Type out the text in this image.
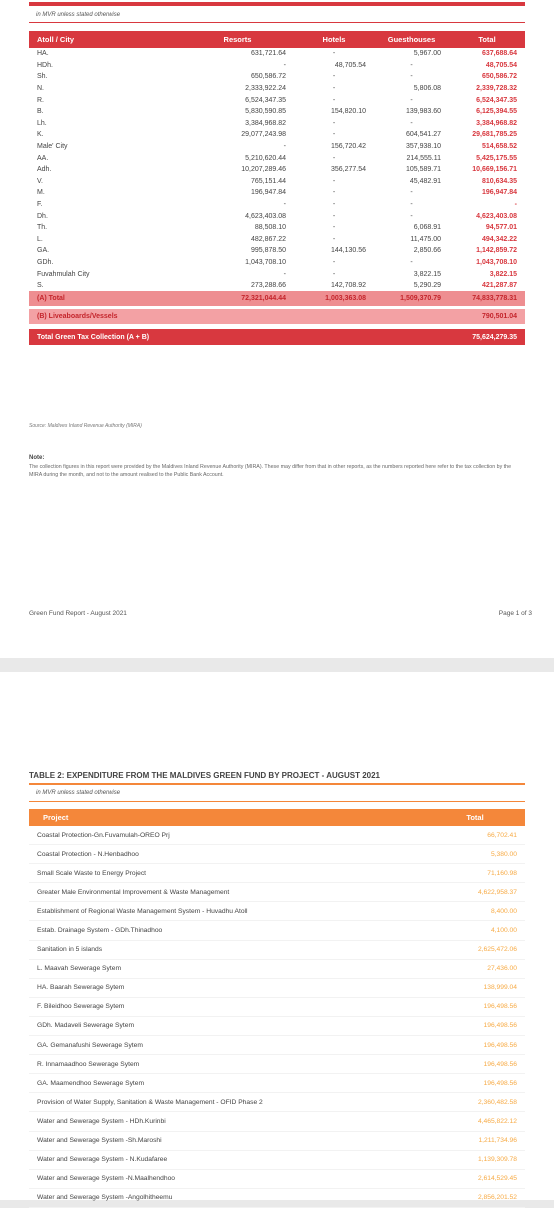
in MVR unless stated otherwise
Atoll / City	Resorts	Hotels	Guesthouses	Total
HA.	631,721.64	-	5,967.00	637,688.64
HDh.	-	48,705.54	-	48,705.54
Sh.	650,586.72	-	-	650,586.72
N.	2,333,922.24	-	5,806.08	2,339,728.32
R.	6,524,347.35	-	-	6,524,347.35
B.	5,830,590.85	154,820.10	139,983.60	6,125,394.55
Lh.	3,384,968.82	-	-	3,384,968.82
K.	29,077,243.98	-	604,541.27	29,681,785.25
Male' City	-	156,720.42	357,938.10	514,658.52
AA.	5,210,620.44	-	214,555.11	5,425,175.55
Adh.	10,207,289.46	356,277.54	105,589.71	10,669,156.71
V.	765,151.44	-	45,482.91	810,634.35
M.	196,947.84	-	-	196,947.84
F.	-	-	-	-
Dh.	4,623,403.08	-	-	4,623,403.08
Th.	88,508.10	-	6,068.91	94,577.01
L.	482,867.22	-	11,475.00	494,342.22
GA.	995,878.50	144,130.56	2,850.66	1,142,859.72
GDh.	1,043,708.10	-	-	1,043,708.10
Fuvahmulah City	-	-	3,822.15	3,822.15
S.	273,288.66	142,708.92	5,290.29	421,287.87
(A) Total	72,321,044.44	1,003,363.08	1,509,370.79	74,833,778.31
(B) Liveaboards/Vessels				790,501.04
Total Green Tax Collection (A + B)				75,624,279.35
Source: Maldives Inland Revenue Authority (MIRA)
Note:
The collection figures in this report were provided by the Maldives Inland Revenue Authority (MIRA). These may differ from that in other reports, as the numbers reported here refer to the tax collection by the MIRA during the month, and not to the amount realised to the Public Bank Account.
Green Fund Report - August 2021	Page 1 of 3
TABLE 2: EXPENDITURE FROM THE MALDIVES GREEN FUND BY PROJECT - AUGUST 2021
in MVR unless stated otherwise
Project	Total
Coastal Protection-Gn.Fuvamulah-OREO Prj	66,702.41
Coastal Protection - N.Henbadhoo	5,380.00
Small Scale Waste to Energy Project	71,160.98
Greater Male Environmental Improvement & Waste Management	4,622,958.37
Establishment of Regional Waste Management System - Huvadhu Atoll	8,400.00
Estab. Drainage System - GDh.Thinadhoo	4,100.00
Sanitation in 5 islands	2,625,472.06
L. Maavah Sewerage Sytem	27,436.00
HA. Baarah Sewerage Sytem	138,999.04
F. Bileidhoo Sewerage Sytem	196,498.56
GDh. Madaveli Sewerage Sytem	196,498.56
GA. Gemanafushi Sewerage Sytem	196,498.56
R. Innamaadhoo Sewerage Sytem	196,498.56
GA. Maamendhoo Sewerage Sytem	196,498.56
Provision of Water Supply, Sanitation & Waste Management - OFID Phase 2	2,360,482.58
Water and Sewerage System - HDh.Kurinbi	4,465,822.12
Water and Sewerage System -Sh.Maroshi	1,211,734.96
Water and Sewerage System - N.Kudafaree	1,139,309.78
Water and Sewerage System -N.Maalhendhoo	2,614,529.45
Water and Sewerage System -Angolhitheemu	2,856,201.52
